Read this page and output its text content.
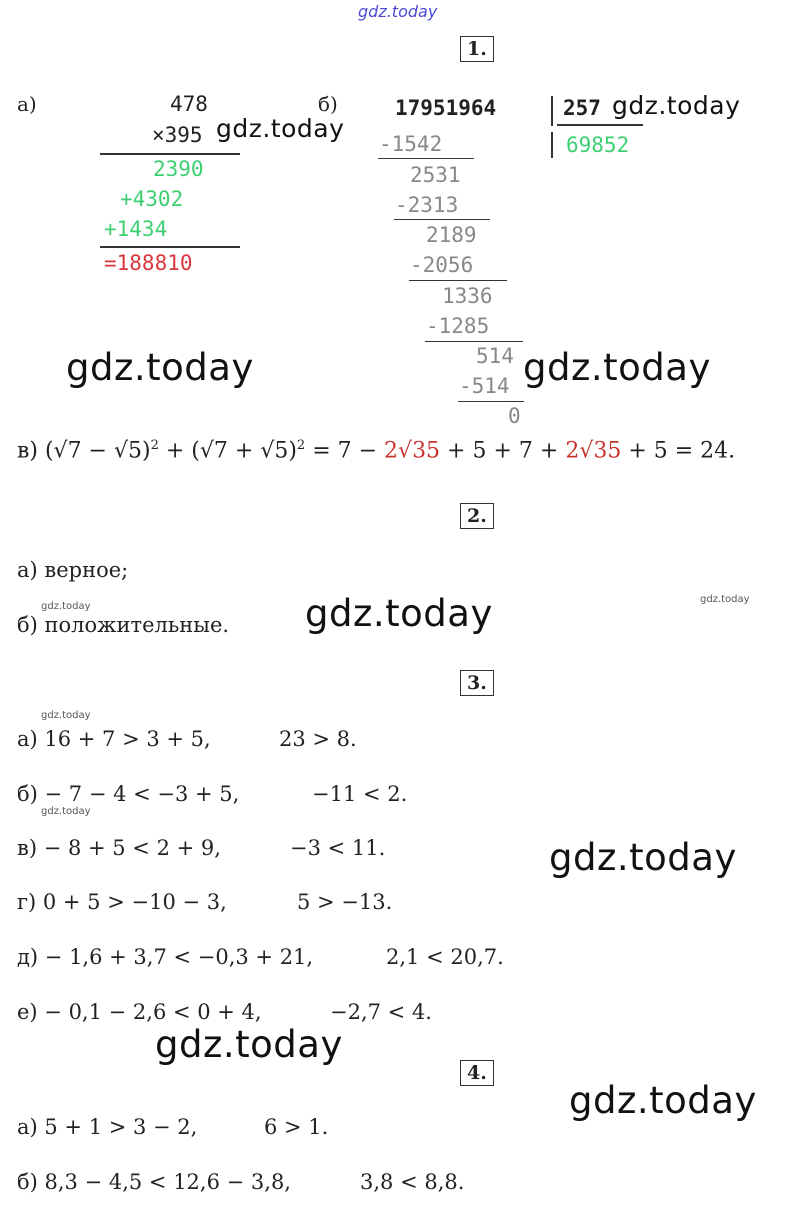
gdz.today
1.
а)	478
×395 gdz.today
2390
+4302
+1434
=188810
б)	17951964	257 gdz.today
69852
-1542
2531
-2313
2189
-2056
1336
-1285
514
-514
0
gdz.today	gdz.today
в) $(√7 - √5)^2 + (√7 + √5)^2 = 7 - 2√35 + 5 + 7 + 2√35 + 5 = 24$.
2.
а) верное;
gdz.today
б) положительные. gdz.today	gdz.today
3.
gdz.today
а) 16 + 7 > 3 + 5,	23 > 8.
б) − 7 − 4 < −3 + 5,	−11 < 2.
gdz.today
в) − 8 + 5 < 2 + 9,	−3 < 11.	gdz.today
г) 0 + 5 > −10 − 3,	5 > −13.
д) − 1,6 + 3,7 < −0,3 + 21,	2,1 < 20,7.
е) − 0,1 − 2,6 < 0 + 4,	−2,7 < 4.
gdz.today
4.
gdz.today
а) 5 + 1 > 3 − 2,	6 > 1.
б) 8,3 − 4,5 < 12,6 − 3,8,	3,8 < 8,8.
